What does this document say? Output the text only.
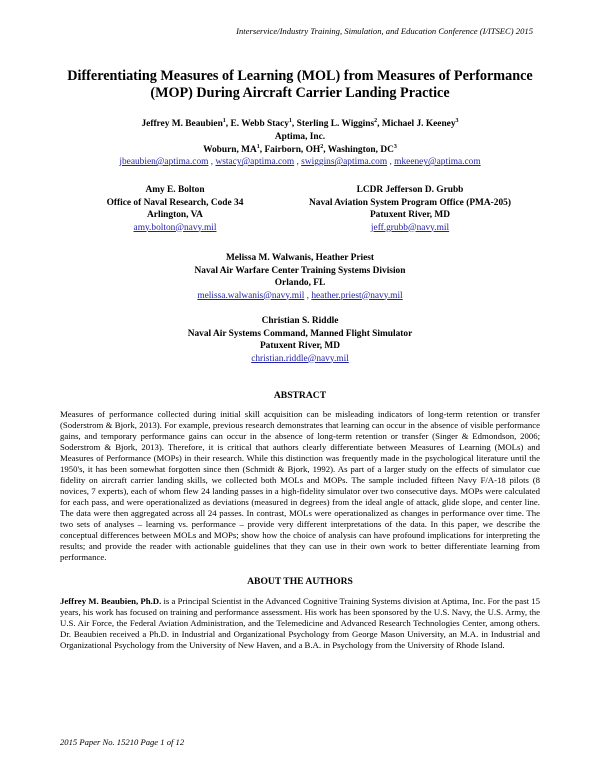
Interservice/Industry Training, Simulation, and Education Conference (I/ITSEC) 2015
Differentiating Measures of Learning (MOL) from Measures of Performance (MOP) During Aircraft Carrier Landing Practice
Jeffrey M. Beaubien$^1$, E. Webb Stacy$^1$, Sterling L. Wiggins$^2$, Michael J. Keeney$^3$
Aptima, Inc.
Woburn, $MA^1$, Fairborn, $OH^2$, Washington, $DC^3$
jbeaubien@aptima.com , wstacy@aptima.com , swiggins@aptima.com , mkeeney@aptima.com
Amy E. Bolton
Office of Naval Research, Code 34
Arlington, VA
amy.bolton@navy.mil
LCDR Jefferson D. Grubb
Naval Aviation System Program Office (PMA-205)
Patuxent River, MD
jeff.grubb@navy.mil
Melissa M. Walwanis, Heather Priest
Naval Air Warfare Center Training Systems Division
Orlando, FL
melissa.walwanis@navy.mil , heather.priest@navy.mil
Christian S. Riddle
Naval Air Systems Command, Manned Flight Simulator
Patuxent River, MD
christian.riddle@navy.mil
ABSTRACT
Measures of performance collected during initial skill acquisition can be misleading indicators of long-term retention or transfer (Soderstrom & Bjork, 2013). For example, previous research demonstrates that learning can occur in the absence of visible performance gains, and temporary performance gains can occur in the absence of long-term retention or transfer (Singer & Edmondson, 2006; Soderstrom & Bjork, 2013). Therefore, it is critical that authors clearly differentiate between Measures of Learning (MOLs) and Measures of Performance (MOPs) in their research. While this distinction was frequently made in the psychological literature until the 1950's, it has been somewhat forgotten since then (Schmidt & Bjork, 1992). As part of a larger study on the effects of simulator cue fidelity on aircraft carrier landing skills, we collected both MOLs and MOPs. The sample included fifteen Navy F/A-18 pilots (8 novices, 7 experts), each of whom flew 24 landing passes in a high-fidelity simulator over two consecutive days. MOPs were calculated for each pass, and were operationalized as deviations (measured in degrees) from the ideal angle of attack, glide slope, and center line. The data were then aggregated across all 24 passes. In contrast, MOLs were operationalized as changes in performance over time. The two sets of analyses – learning vs. performance – provide very different interpretations of the data. In this paper, we describe the conceptual differences between MOLs and MOPs; show how the choice of analysis can have profound implications for interpreting the results; and provide the reader with actionable guidelines that they can use in their own work to better differentiate learning from performance.
ABOUT THE AUTHORS
Jeffrey M. Beaubien, Ph.D. is a Principal Scientist in the Advanced Cognitive Training Systems division at Aptima, Inc. For the past 15 years, his work has focused on training and performance assessment. His work has been sponsored by the U.S. Navy, the U.S. Army, the U.S. Air Force, the Federal Aviation Administration, and the Telemedicine and Advanced Research Technologies Center, among others. Dr. Beaubien received a Ph.D. in Industrial and Organizational Psychology from George Mason University, an M.A. in Industrial and Organizational Psychology from the University of New Haven, and a B.A. in Psychology from the University of Rhode Island.
2015 Paper No. 15210 Page 1 of 12
